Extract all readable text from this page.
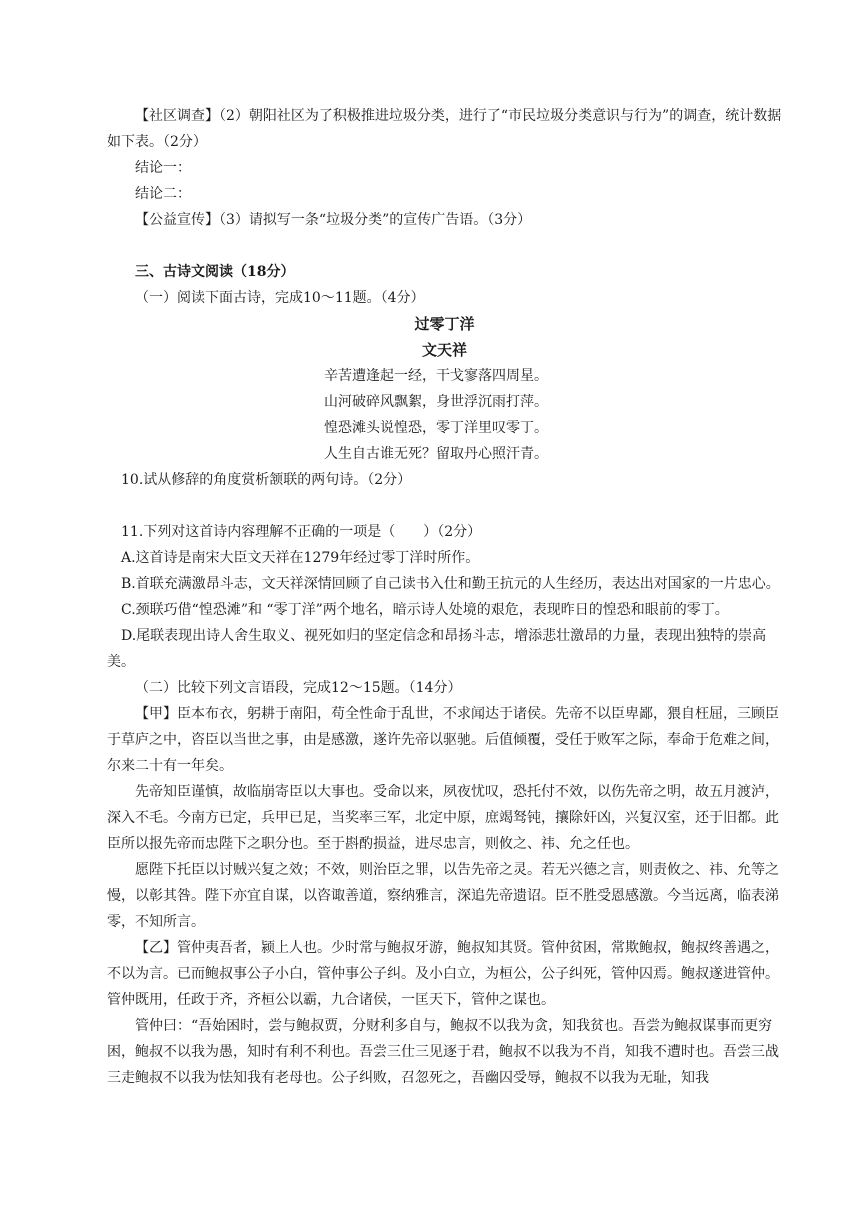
【社区调查】（2）朝阳社区为了积极推进垃圾分类，进行了“市民垃圾分类意识与行为”的调查，统计数据如下表。（2分）

结论一：

结论二：

【公益宣传】（3）请拟写一条“垃圾分类”的宣传广告语。（3分）

三、古诗文阅读（18分）

（一）阅读下面古诗，完成10～11题。（4分）

过零丁洋

文天祥

辛苦遭逢起一经，干戈寥落四周星。

山河破碎风飘絮，身世浮沉雨打萍。

惶恐滩头说惶恐，零丁洋里叹零丁。

人生自古谁无死？留取丹心照汗青。

10.试从修辞的角度赏析颔联的两句诗。（2分）

11.下列对这首诗内容理解不正确的一项是（　　）（2分）

A.这首诗是南宋大臣文天祥在1279年经过零丁洋时所作。

B.首联充满激昂斗志，文天祥深情回顾了自己读书入仕和勤王抗元的人生经历，表达出对国家的一片忠心。

C.颈联巧借“惶恐滩”和 “零丁洋”两个地名，暗示诗人处境的艰危，表现昨日的惶恐和眼前的零丁。

D.尾联表现出诗人舍生取义、视死如归的坚定信念和昂扬斗志，增添悲壮激昂的力量，表现出独特的崇高美。

（二）比较下列文言语段，完成12～15题。（14分）

【甲】臣本布衣，躬耕于南阳，苟全性命于乱世，不求闻达于诸侯。先帝不以臣卑鄙，猥自枉屈，三顾臣于草庐之中，咨臣以当世之事，由是感激，遂许先帝以驱驰。后值倾覆，受任于败军之际，奉命于危难之间，尔来二十有一年矣。

先帝知臣谨慎，故临崩寄臣以大事也。受命以来，夙夜忧叹，恐托付不效，以伤先帝之明，故五月渡泸，深入不毛。今南方已定，兵甲已足，当奖率三军，北定中原，庶竭驽钝，攘除奸凶，兴复汉室，还于旧都。此臣所以报先帝而忠陛下之职分也。至于斟酌损益，进尽忠言，则攸之、祎、允之任也。

愿陛下托臣以讨贼兴复之效；不效，则治臣之罪，以告先帝之灵。若无兴德之言，则责攸之、祎、允等之慢，以彰其咎。陛下亦宜自谋，以咨诹善道，察纳雅言，深追先帝遗诏。臣不胜受恩感激。今当远离，临表涕零，不知所言。

【乙】管仲夷吾者，颍上人也。少时常与鲍叔牙游，鲍叔知其贤。管仲贫困，常欺鲍叔，鲍叔终善遇之，不以为言。已而鲍叔事公子小白，管仲事公子纠。及小白立，为桓公，公子纠死，管仲囚焉。鲍叔遂进管仲。管仲既用，任政于齐，齐桓公以霸，九合诸侯，一匡天下，管仲之谋也。

管仲曰：“吾始困时，尝与鲍叔贾，分财利多自与，鲍叔不以我为贪，知我贫也。吾尝为鲍叔谋事而更穷困，鲍叔不以我为愚，知时有利不利也。吾尝三仕三见逐于君，鲍叔不以我为不肖，知我不遭时也。吾尝三战三走鲍叔不以我为怯知我有老母也。公子纠败，召忽死之，吾幽囚受辱，鲍叔不以我为无耻，知我
